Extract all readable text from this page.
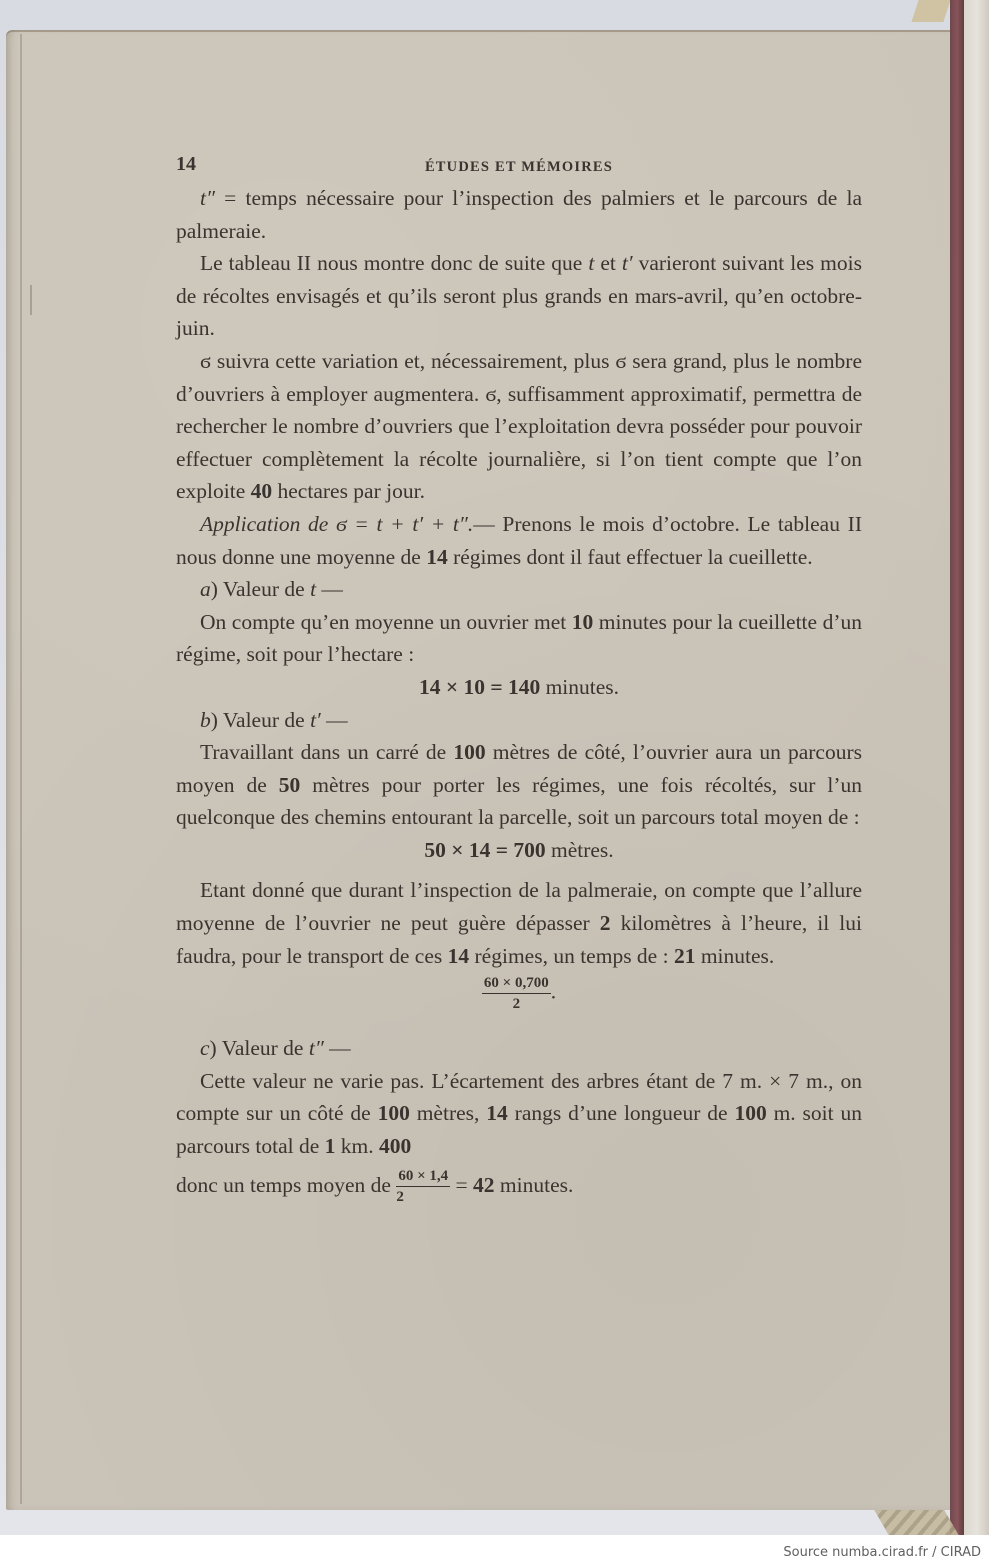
14	ÉTUDES ET MÉMOIRES

t″ = temps nécessaire pour l’inspection des palmiers et le parcours de la palmeraie.

Le tableau II nous montre donc de suite que t et t′ varieront suivant les mois de récoltes envisagés et qu’ils seront plus grands en mars-avril, qu’en octobre-juin.

ϭ suivra cette variation et, nécessairement, plus ϭ sera grand, plus le nombre d’ouvriers à employer augmentera. ϭ, suffisamment approximatif, permettra de rechercher le nombre d’ouvriers que l’exploitation devra posséder pour pouvoir effectuer complètement la récolte journalière, si l’on tient compte que l’on exploite 40 hectares par jour.

Application de ϭ = t + t′ + t″.— Prenons le mois d’octobre. Le tableau II nous donne une moyenne de 14 régimes dont il faut effectuer la cueillette.

a) Valeur de t —

On compte qu’en moyenne un ouvrier met 10 minutes pour la cueillette d’un régime, soit pour l’hectare :

14 × 10 = 140 minutes.

b) Valeur de t′ —

Travaillant dans un carré de 100 mètres de côté, l’ouvrier aura un parcours moyen de 50 mètres pour porter les régimes, une fois récoltés, sur l’un quelconque des chemins entourant la parcelle, soit un parcours total moyen de :

50 × 14 = 700 mètres.

Etant donné que durant l’inspection de la palmeraie, on compte que l’allure moyenne de l’ouvrier ne peut guère dépasser 2 kilomètres à l’heure, il lui faudra, pour le transport de ces 14 régimes, un temps de : 21 minutes.

$\frac{60 \times 0,700}{2}$ .

c) Valeur de t″ —

Cette valeur ne varie pas. L’écartement des arbres étant de 7 m. × 7 m., on compte sur un côté de 100 mètres, 14 rangs d’une longueur de 100 m. soit un parcours total de 1 km. 400

donc un temps moyen de $\frac{60 \times 1,4}{2} = 42$ minutes.

Source numba.cirad.fr / CIRAD
